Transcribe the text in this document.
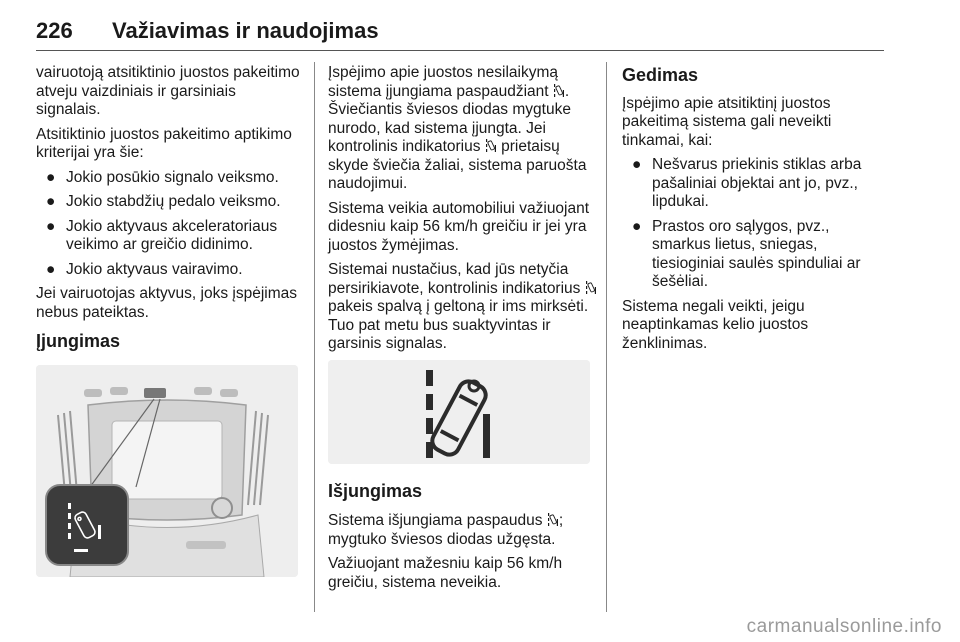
226 Važiavimas ir naudojimas

vairuotoją atsitiktinio juostos pakeitimo atveju vaizdiniais ir garsiniais signalais.

Atsitiktinio juostos pakeitimo aptikimo kriterijai yra šie:

● Jokio posūkio signalo veiksmo.
● Jokio stabdžių pedalo veiksmo.
● Jokio aktyvaus akceleratoriaus veikimo ar greičio didinimo.
● Jokio aktyvaus vairavimo.

Jei vairuotojas aktyvus, joks įspėjimas nebus pateiktas.

Įjungimas

Įspėjimo apie juostos nesilaikymą sistema įjungiama paspaudžiant . Šviečiantis šviesos diodas mygtuke nurodo, kad sistema įjungta. Jei kontrolinis indikatorius prietaisų skyde šviečia žaliai, sistema paruošta naudojimui.

Sistema veikia automobiliui važiuojant didesniu kaip 56 km/h greičiu ir jei yra juostos žymėjimas.

Sistemai nustačius, kad jūs netyčia persirikiavote, kontrolinis indikatorius  pakeis spalvą į geltoną ir ims mirksėti. Tuo pat metu bus suaktyvintas ir garsinis signalas.

Išjungimas

Sistema išjungiama paspaudus ; mygtuko šviesos diodas užgęsta.

Važiuojant mažesniu kaip 56 km/h greičiu, sistema neveikia.

Gedimas

Įspėjimo apie atsitiktinį juostos pakeitimą sistema gali neveikti tinkamai, kai:

● Nešvarus priekinis stiklas arba pašaliniai objektai ant jo, pvz., lipdukai.
● Prastos oro sąlygos, pvz., smarkus lietus, sniegas, tiesioginiai saulės spinduliai ar šešėliai.

Sistema negali veikti, jeigu neaptinkamas kelio juostos ženklinimas.

carmanualsonline.info
